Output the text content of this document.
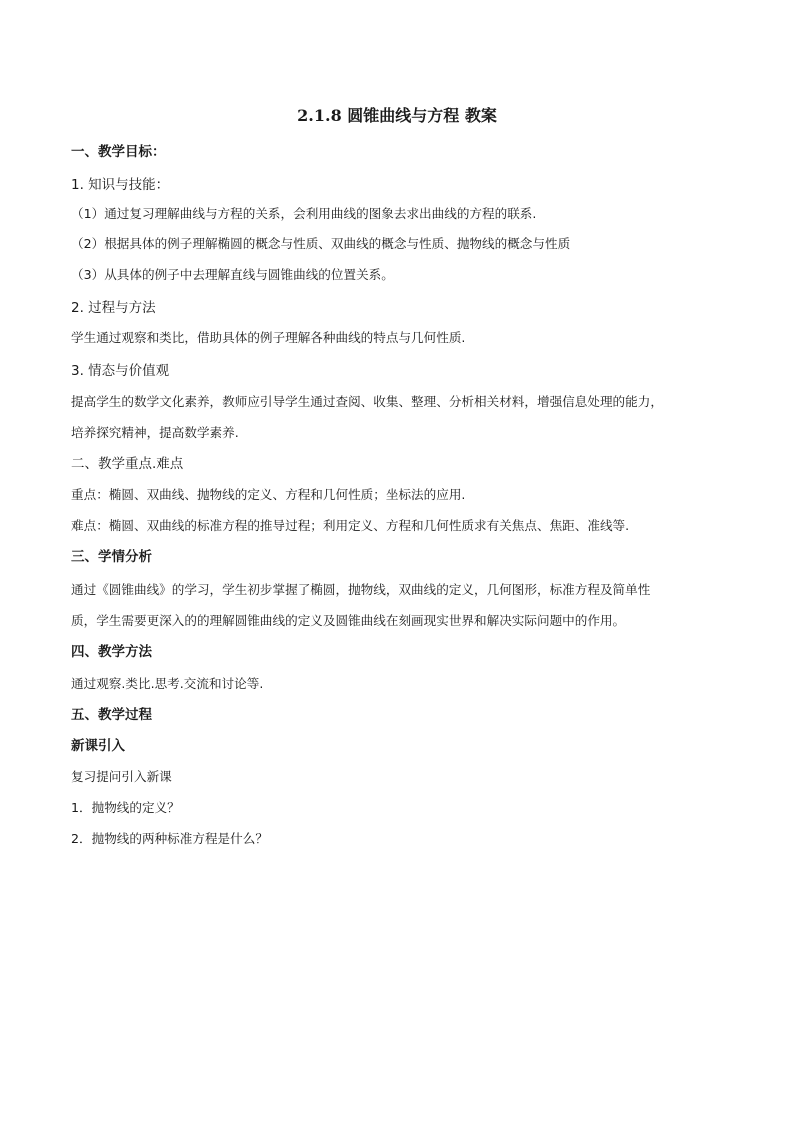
2.1.8 圆锥曲线与方程 教案
一、教学目标：
1. 知识与技能：
（1）通过复习理解曲线与方程的关系，会利用曲线的图象去求出曲线的方程的联系.
（2）根据具体的例子理解椭圆的概念与性质、双曲线的概念与性质、抛物线的概念与性质
（3）从具体的例子中去理解直线与圆锥曲线的位置关系。
2. 过程与方法
学生通过观察和类比，借助具体的例子理解各种曲线的特点与几何性质.
3. 情态与价值观
提高学生的数学文化素养，教师应引导学生通过查阅、收集、整理、分析相关材料，增强信息处理的能力，
培养探究精神，提高数学素养.
二、教学重点.难点
重点：椭圆、双曲线、抛物线的定义、方程和几何性质；坐标法的应用.
难点：椭圆、双曲线的标准方程的推导过程；利用定义、方程和几何性质求有关焦点、焦距、准线等.
三、学情分析
通过《圆锥曲线》的学习，学生初步掌握了椭圆，抛物线，双曲线的定义，几何图形，标准方程及简单性
质，学生需要更深入的的理解圆锥曲线的定义及圆锥曲线在刻画现实世界和解决实际问题中的作用。
四、教学方法
通过观察.类比.思考.交流和讨论等.
五、教学过程
新课引入
复习提问引入新课
1．抛物线的定义？
2．抛物线的两种标准方程是什么？
